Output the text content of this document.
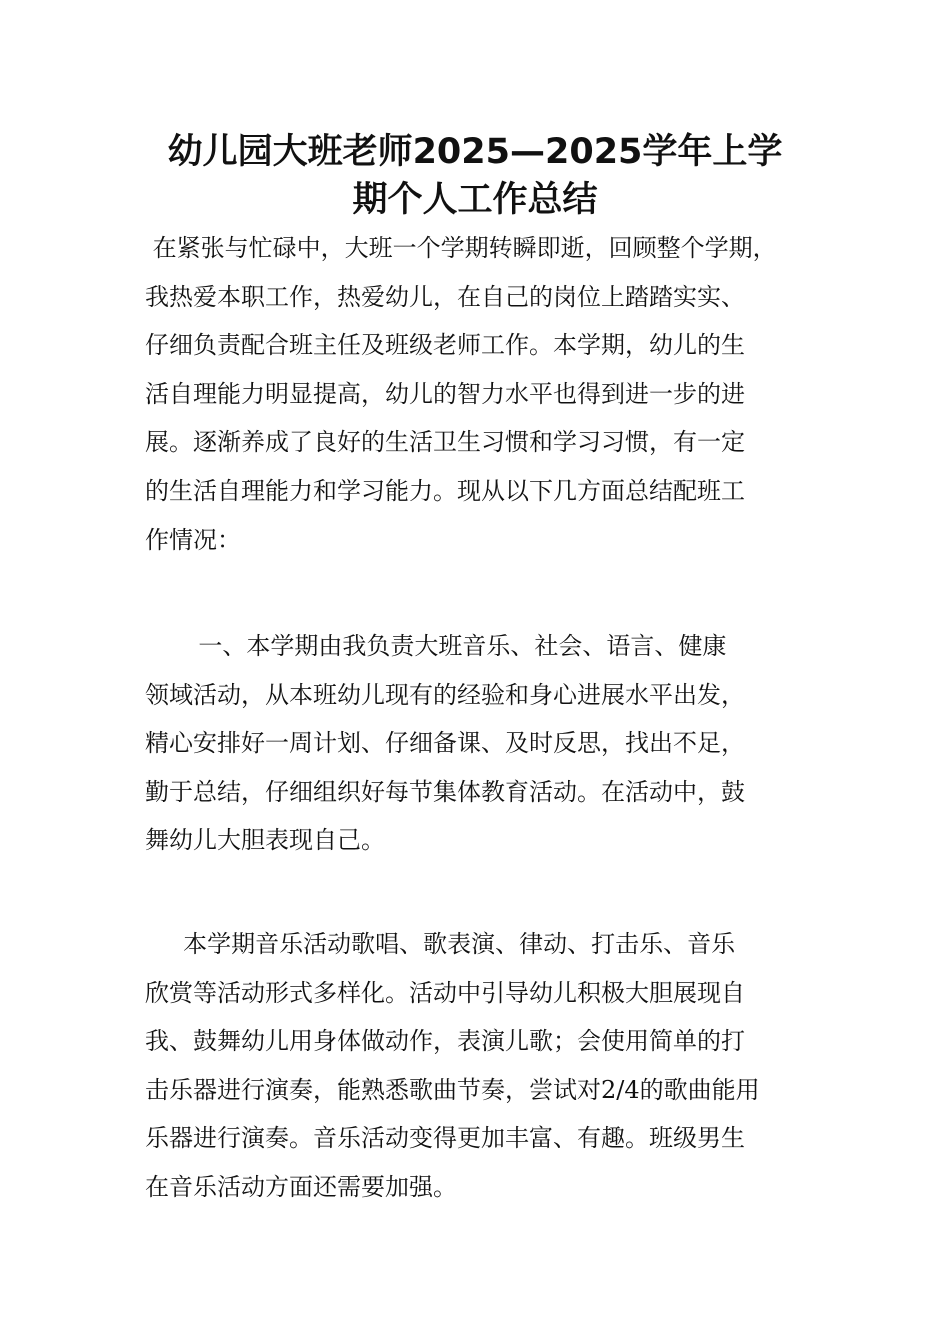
幼儿园大班老师2025—2025学年上学
期个人工作总结
在紧张与忙碌中，大班一个学期转瞬即逝，回顾整个学期，
我热爱本职工作，热爱幼儿，在自己的岗位上踏踏实实、
仔细负责配合班主任及班级老师工作。本学期，幼儿的生
活自理能力明显提高，幼儿的智力水平也得到进一步的进
展。逐渐养成了良好的生活卫生习惯和学习习惯，有一定
的生活自理能力和学习能力。现从以下几方面总结配班工
作情况：
一、本学期由我负责大班音乐、社会、语言、健康
领域活动，从本班幼儿现有的经验和身心进展水平出发，
精心安排好一周计划、仔细备课、及时反思，找出不足，
勤于总结，仔细组织好每节集体教育活动。在活动中，鼓
舞幼儿大胆表现自己。
本学期音乐活动歌唱、歌表演、律动、打击乐、音乐
欣赏等活动形式多样化。活动中引导幼儿积极大胆展现自
我、鼓舞幼儿用身体做动作，表演儿歌；会使用简单的打
击乐器进行演奏，能熟悉歌曲节奏，尝试对2/4的歌曲能用
乐器进行演奏。音乐活动变得更加丰富、有趣。班级男生
在音乐活动方面还需要加强。
